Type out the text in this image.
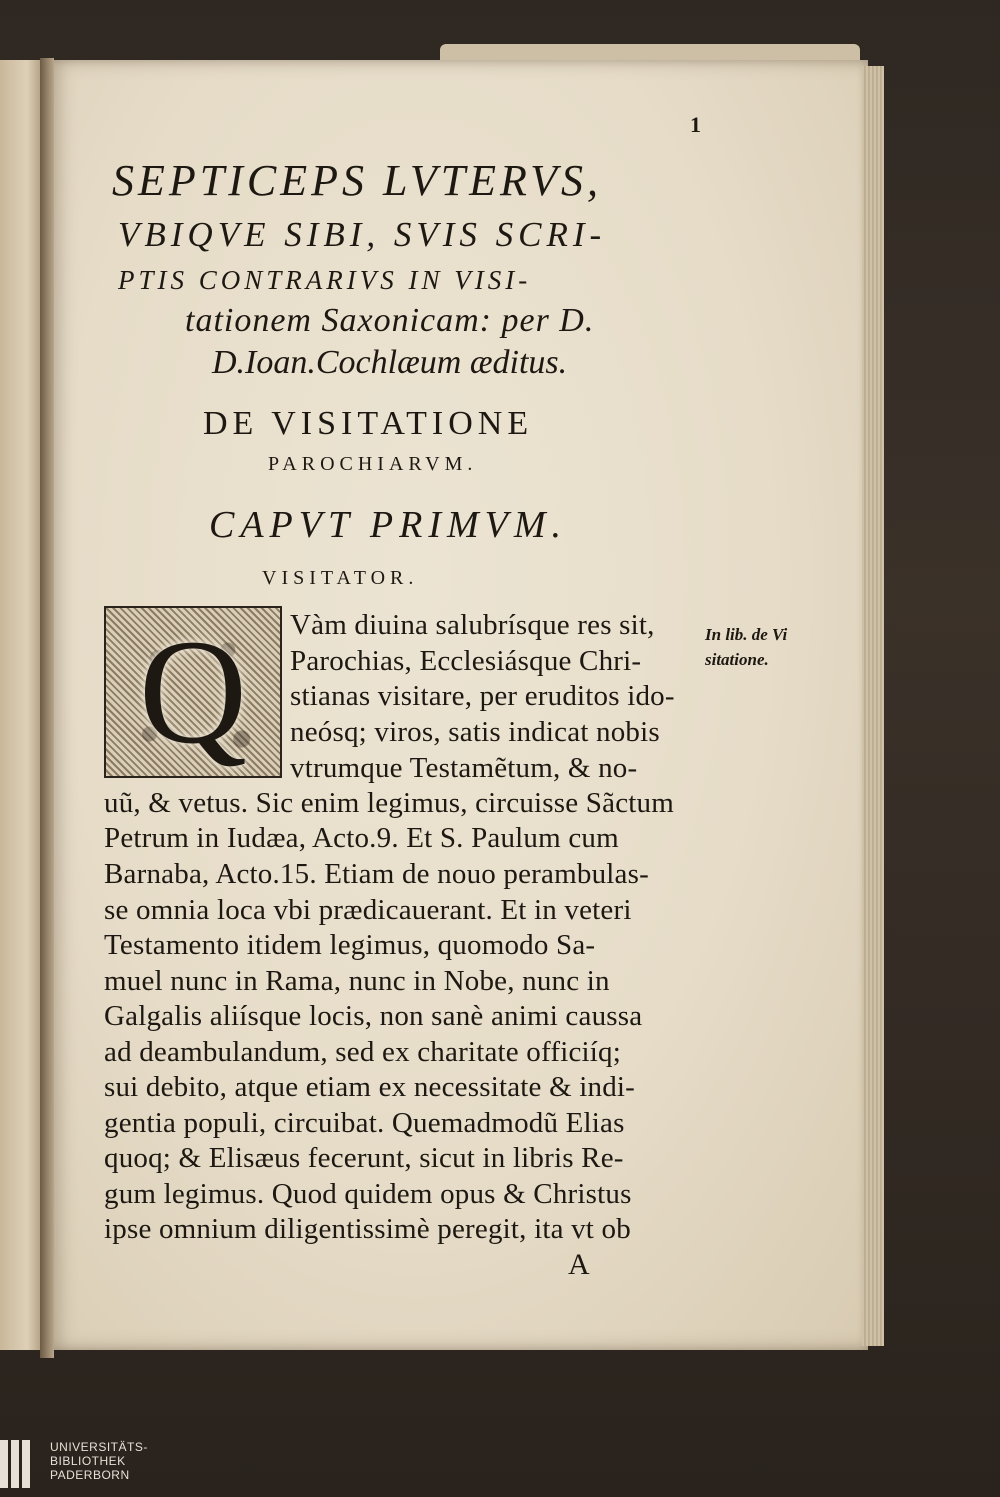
1
SEPTICEPS LVTERVS,
VBIQVE SIBI, SVIS SCRI-
PTIS CONTRARIVS IN VISI-
tationem Saxonicam: per D.
D.Ioan.Cochlæum æditus.
DE VISITATIONE
PAROCHIARVM.
CAPVT PRIMVM.
VISITATOR.
Q	Vàm diuina salubrísque res sit,
Parochias, Ecclesiásque Chri-
stianas visitare, per eruditos ido-
neósq; viros, satis indicat nobis
vtrumque Testamẽtum, & no-
uũ, & vetus. Sic enim legimus, circuisse Sãctum
Petrum in Iudæa, Acto.9. Et S. Paulum cum
Barnaba, Acto.15. Etiam de nouo perambulas-
se omnia loca vbi prædicauerant. Et in veteri
Testamento itidem legimus, quomodo Sa-
muel nunc in Rama, nunc in Nobe, nunc in
Galgalis aliísque locis, non sanè animi caussa
ad deambulandum, sed ex charitate officiíq;
sui debito, atque etiam ex necessitate & indi-
gentia populi, circuibat. Quemadmodũ Elias
quoq; & Elisæus fecerunt, sicut in libris Re-
gum legimus. Quod quidem opus & Christus
ipse omnium diligentissimè peregit, ita vt ob
In lib. de Vi
sitatione.
A
UNIVERSITÄTS-
BIBLIOTHEK
PADERBORN
